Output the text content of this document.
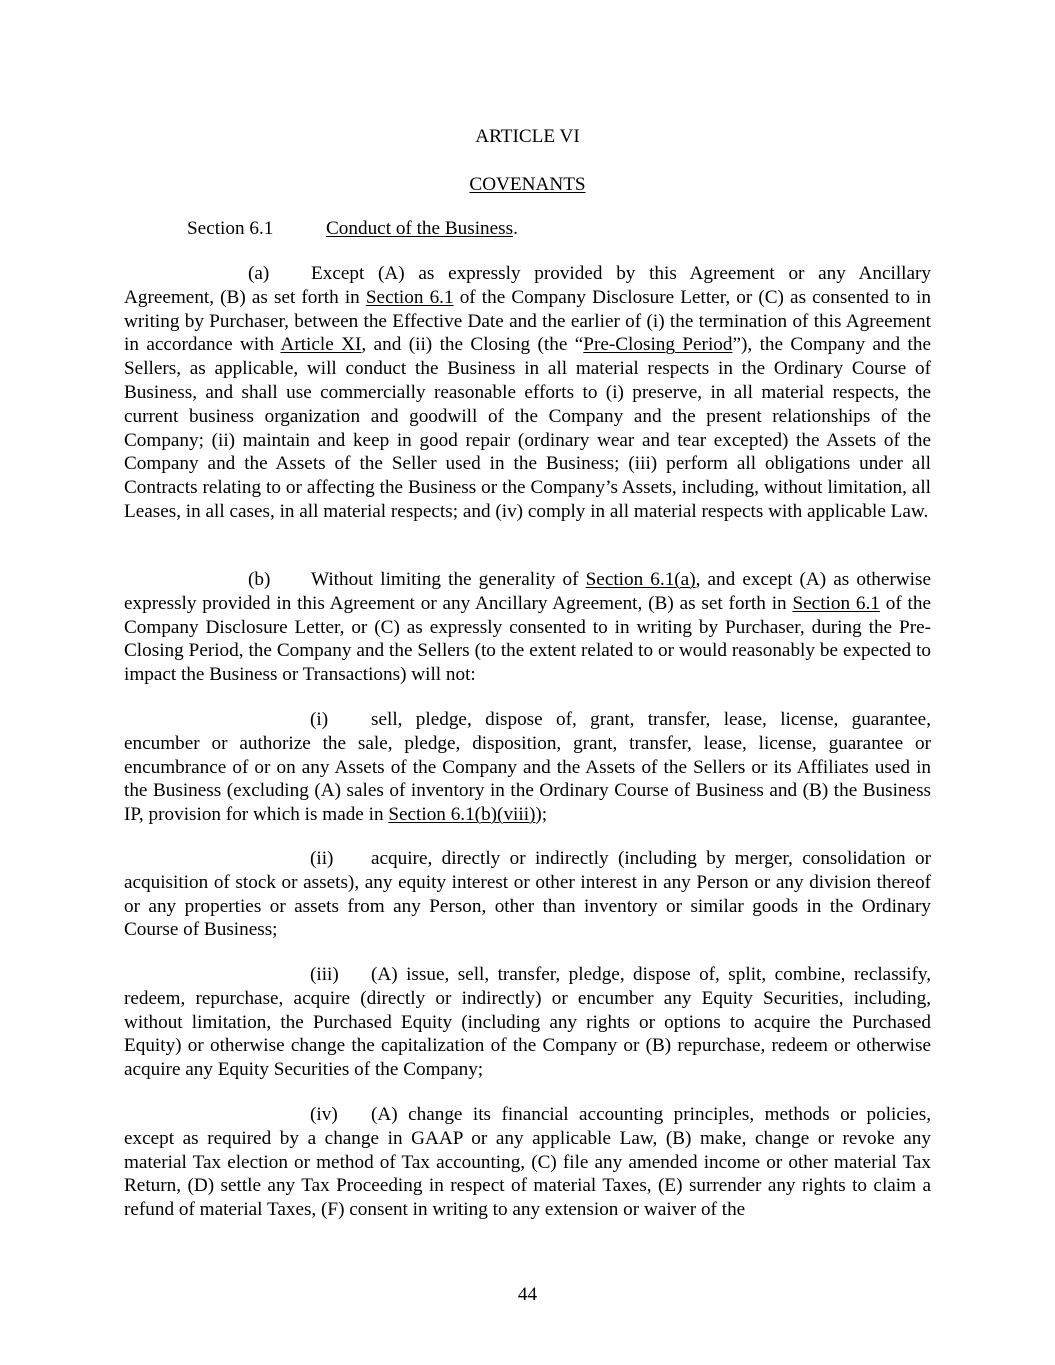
ARTICLE VI
COVENANTS
Section 6.1	Conduct of the Business.

(a) Except (A) as expressly provided by this Agreement or any Ancillary Agreement, (B) as set forth in Section 6.1 of the Company Disclosure Letter, or (C) as consented to in writing by Purchaser, between the Effective Date and the earlier of (i) the termination of this Agreement in accordance with Article XI, and (ii) the Closing (the “Pre-Closing Period”), the Company and the Sellers, as applicable, will conduct the Business in all material respects in the Ordinary Course of Business, and shall use commercially reasonable efforts to (i) preserve, in all material respects, the current business organization and goodwill of the Company and the present relationships of the Company; (ii) maintain and keep in good repair (ordinary wear and tear excepted) the Assets of the Company and the Assets of the Seller used in the Business; (iii) perform all obligations under all Contracts relating to or affecting the Business or the Company’s Assets, including, without limitation, all Leases, in all cases, in all material respects; and (iv) comply in all material respects with applicable Law.

(b) Without limiting the generality of Section 6.1(a), and except (A) as otherwise expressly provided in this Agreement or any Ancillary Agreement, (B) as set forth in Section 6.1 of the Company Disclosure Letter, or (C) as expressly consented to in writing by Purchaser, during the Pre-Closing Period, the Company and the Sellers (to the extent related to or would reasonably be expected to impact the Business or Transactions) will not:

(i) sell, pledge, dispose of, grant, transfer, lease, license, guarantee, encumber or authorize the sale, pledge, disposition, grant, transfer, lease, license, guarantee or encumbrance of or on any Assets of the Company and the Assets of the Sellers or its Affiliates used in the Business (excluding (A) sales of inventory in the Ordinary Course of Business and (B) the Business IP, provision for which is made in Section 6.1(b)(viii));

(ii) acquire, directly or indirectly (including by merger, consolidation or acquisition of stock or assets), any equity interest or other interest in any Person or any division thereof or any properties or assets from any Person, other than inventory or similar goods in the Ordinary Course of Business;

(iii) (A) issue, sell, transfer, pledge, dispose of, split, combine, reclassify, redeem, repurchase, acquire (directly or indirectly) or encumber any Equity Securities, including, without limitation, the Purchased Equity (including any rights or options to acquire the Purchased Equity) or otherwise change the capitalization of the Company or (B) repurchase, redeem or otherwise acquire any Equity Securities of the Company;

(iv) (A) change its financial accounting principles, methods or policies, except as required by a change in GAAP or any applicable Law, (B) make, change or revoke any material Tax election or method of Tax accounting, (C) file any amended income or other material Tax Return, (D) settle any Tax Proceeding in respect of material Taxes, (E) surrender any rights to claim a refund of material Taxes, (F) consent in writing to any extension or waiver of the

44
